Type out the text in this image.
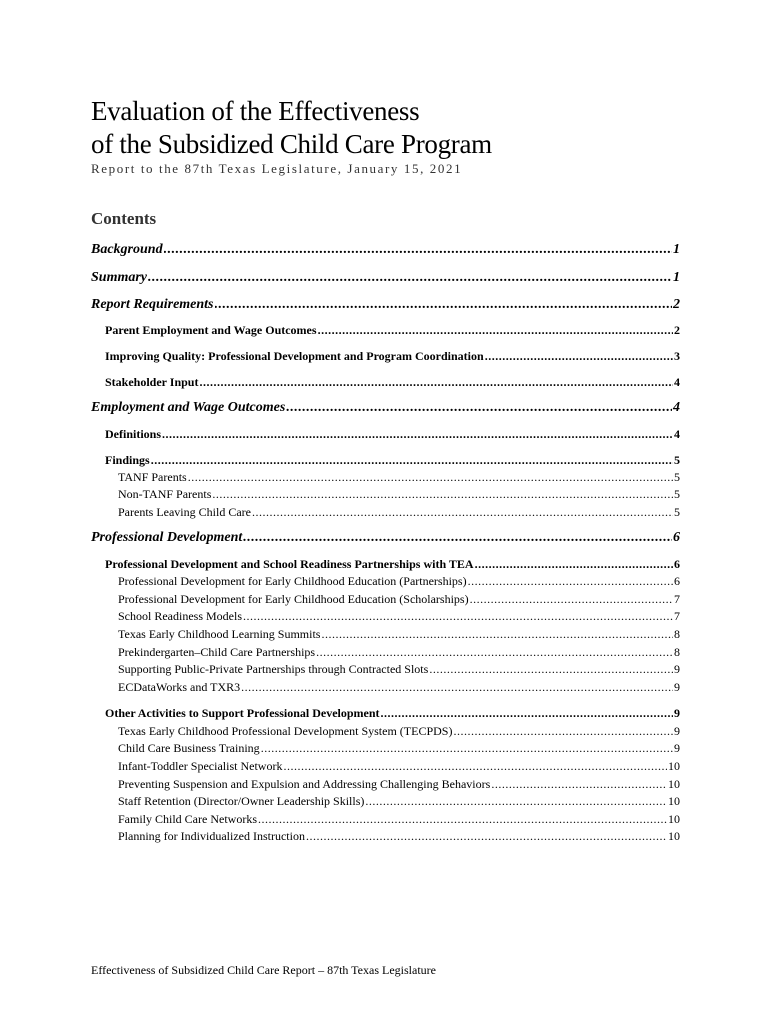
Evaluation of the Effectiveness
of the Subsidized Child Care Program
Report to the 87th Texas Legislature, January 15, 2021
Contents
Background .....	1
Summary .....	1
Report Requirements .....	2
Parent Employment and Wage Outcomes .....	2
Improving Quality: Professional Development and Program Coordination .....	3
Stakeholder Input .....	4
Employment and Wage Outcomes .....	4
Definitions .....	4
Findings .....	5
TANF Parents .....	5
Non-TANF Parents .....	5
Parents Leaving Child Care .....	5
Professional Development .....	6
Professional Development and School Readiness Partnerships with TEA .....	6
Professional Development for Early Childhood Education (Partnerships) .....	6
Professional Development for Early Childhood Education (Scholarships) .....	7
School Readiness Models .....	7
Texas Early Childhood Learning Summits .....	8
Prekindergarten–Child Care Partnerships .....	8
Supporting Public-Private Partnerships through Contracted Slots .....	9
ECDataWorks and TXR3 .....	9
Other Activities to Support Professional Development .....	9
Texas Early Childhood Professional Development System (TECPDS) .....	9
Child Care Business Training .....	9
Infant-Toddler Specialist Network .....	10
Preventing Suspension and Expulsion and Addressing Challenging Behaviors .....	10
Staff Retention (Director/Owner Leadership Skills) .....	10
Family Child Care Networks .....	10
Planning for Individualized Instruction .....	10
Effectiveness of Subsidized Child Care Report – 87th Texas Legislature
